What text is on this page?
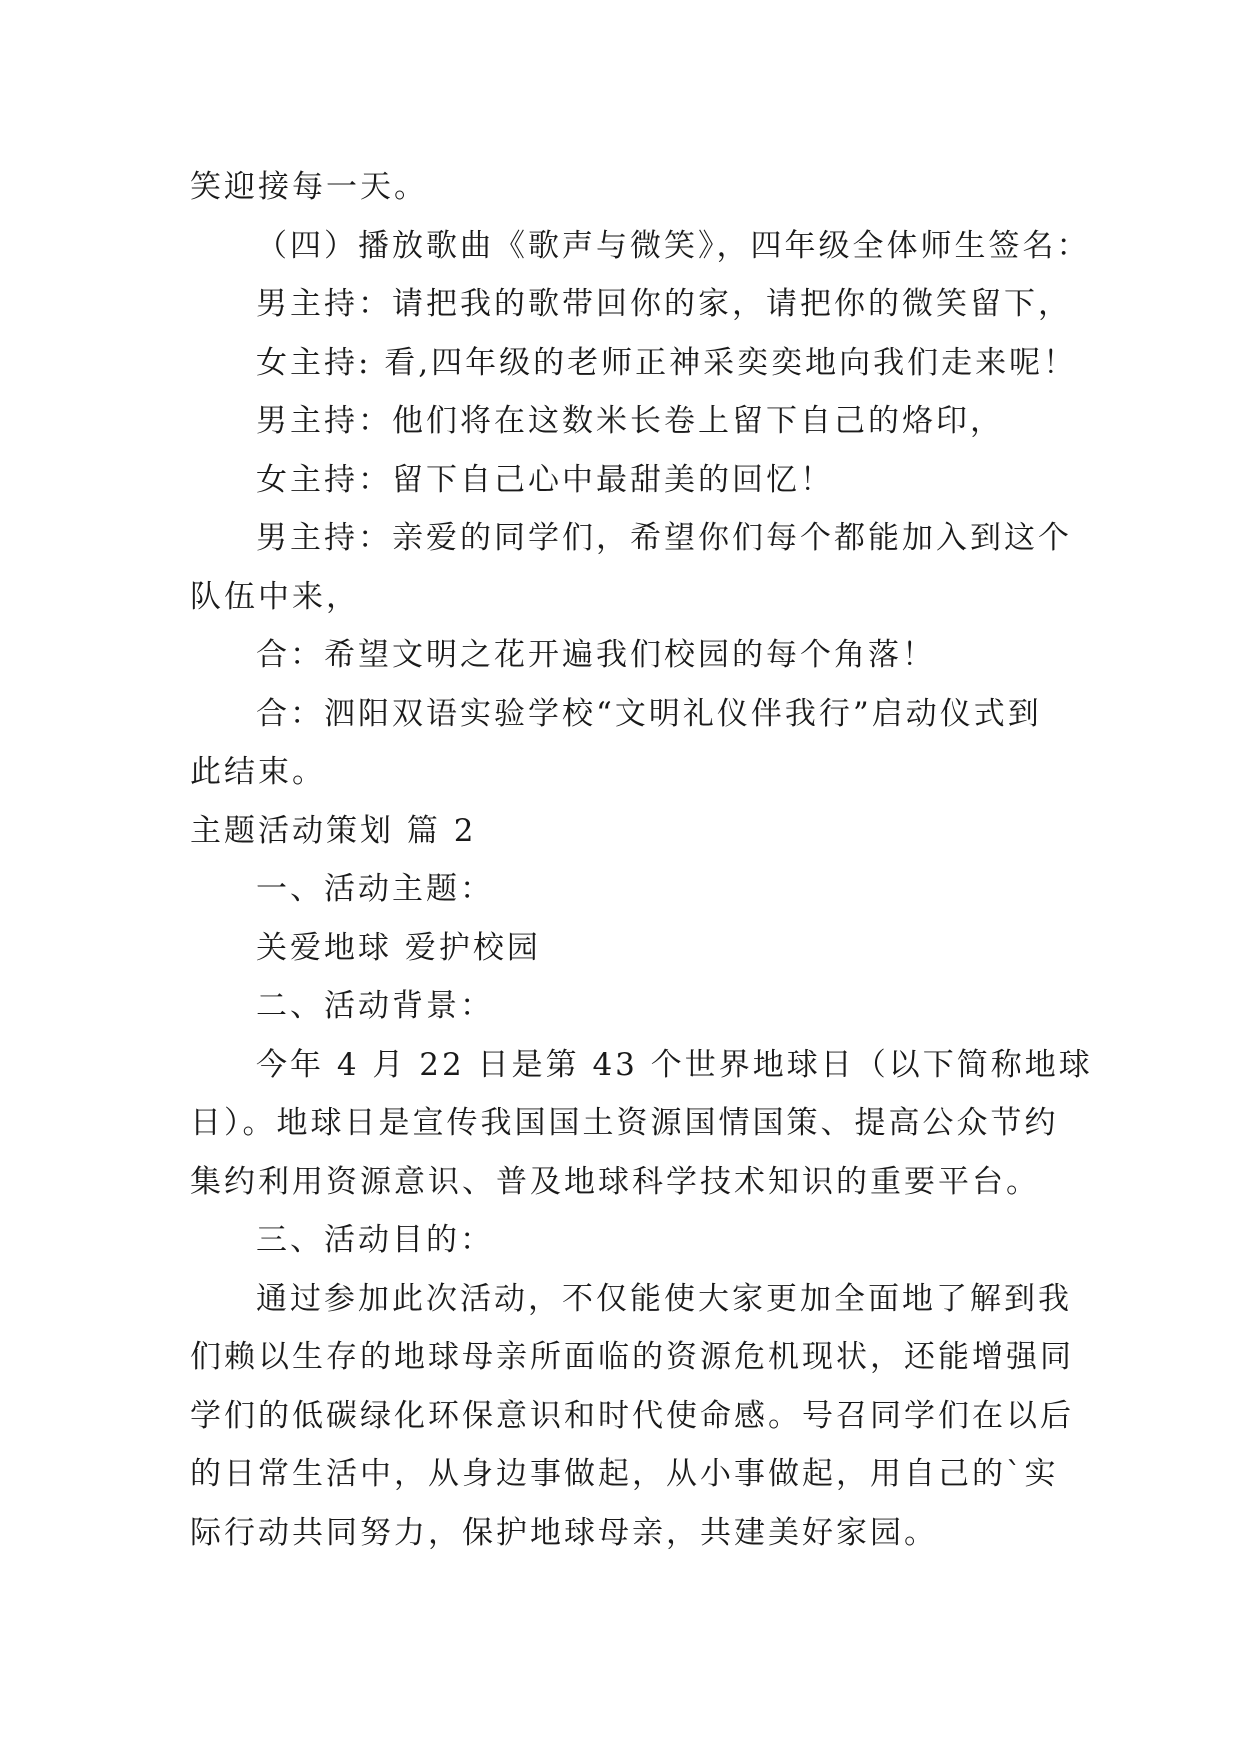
笑迎接每一天。
（四）播放歌曲《歌声与微笑》，四年级全体师生签名：
男主持：请把我的歌带回你的家，请把你的微笑留下，
女主持: 看,四年级的老师正神采奕奕地向我们走来呢！
男主持：他们将在这数米长卷上留下自己的烙印，
女主持：留下自己心中最甜美的回忆！
男主持：亲爱的同学们，希望你们每个都能加入到这个
队伍中来，
合：希望文明之花开遍我们校园的每个角落！
合：泗阳双语实验学校“文明礼仪伴我行”启动仪式到
此结束。
主题活动策划 篇 2
一、活动主题：
关爱地球 爱护校园
二、活动背景：
今年 4 月 22 日是第 43 个世界地球日（以下简称地球
日）。地球日是宣传我国国土资源国情国策、提高公众节约
集约利用资源意识、普及地球科学技术知识的重要平台。
三、活动目的：
通过参加此次活动，不仅能使大家更加全面地了解到我
们赖以生存的地球母亲所面临的资源危机现状，还能增强同
学们的低碳绿化环保意识和时代使命感。号召同学们在以后
的日常生活中，从身边事做起，从小事做起，用自己的`实
际行动共同努力，保护地球母亲，共建美好家园。
